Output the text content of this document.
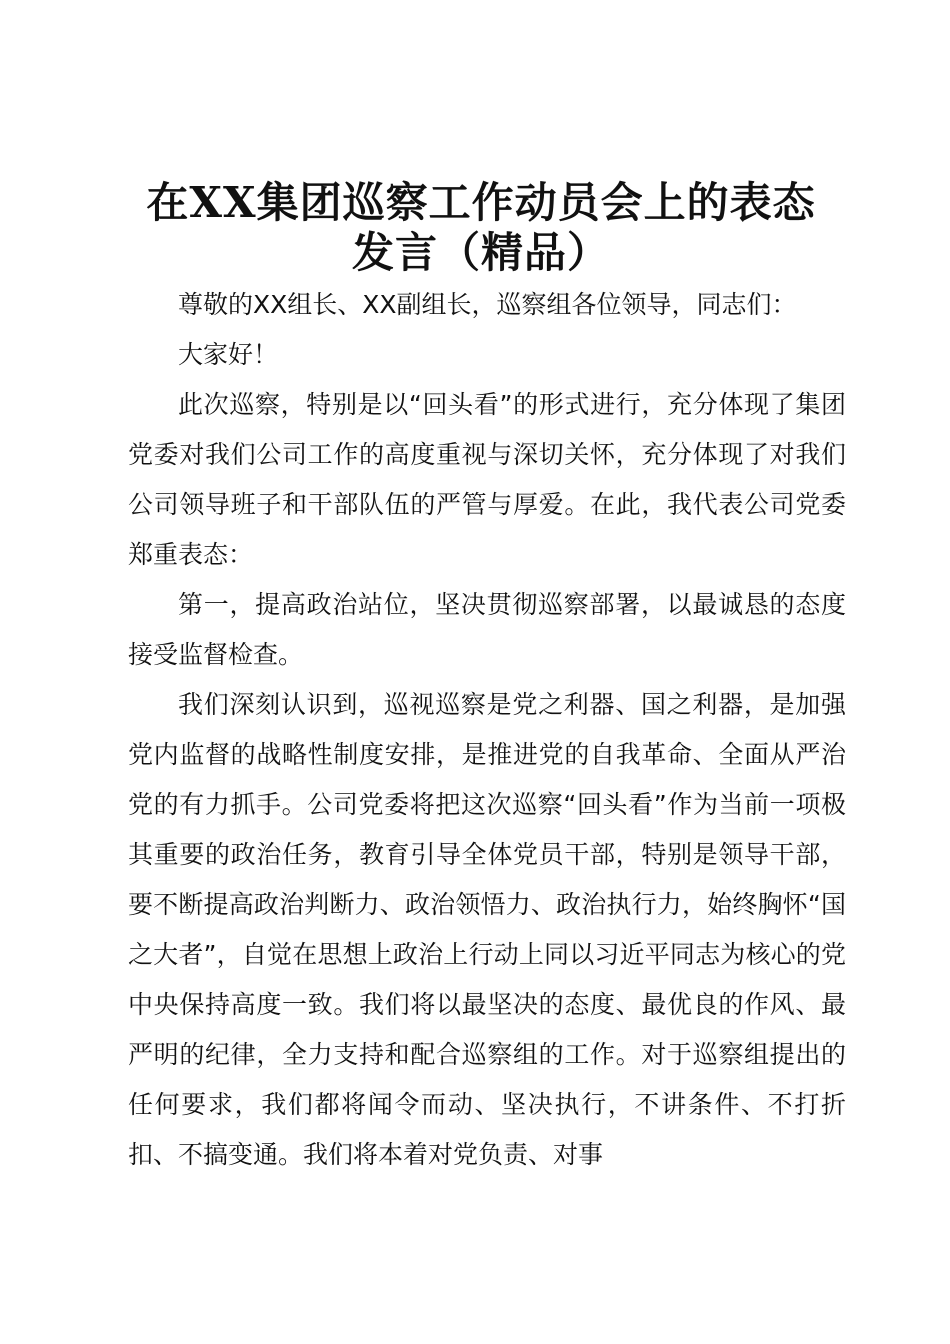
在XX集团巡察工作动员会上的表态发言（精品）

尊敬的XX组长、XX副组长，巡察组各位领导，同志们：

大家好！

此次巡察，特别是以“回头看”的形式进行，充分体现了集团党委对我们公司工作的高度重视与深切关怀，充分体现了对我们公司领导班子和干部队伍的严管与厚爱。在此，我代表公司党委郑重表态：

第一，提高政治站位，坚决贯彻巡察部署，以最诚恳的态度接受监督检查。

我们深刻认识到，巡视巡察是党之利器、国之利器，是加强党内监督的战略性制度安排，是推进党的自我革命、全面从严治党的有力抓手。公司党委将把这次巡察“回头看”作为当前一项极其重要的政治任务，教育引导全体党员干部，特别是领导干部，要不断提高政治判断力、政治领悟力、政治执行力，始终胸怀“国之大者”，自觉在思想上政治上行动上同以习近平同志为核心的党中央保持高度一致。我们将以最坚决的态度、最优良的作风、最严明的纪律，全力支持和配合巡察组的工作。对于巡察组提出的任何要求，我们都将闻令而动、坚决执行，不讲条件、不打折扣、不搞变通。我们将本着对党负责、对事
